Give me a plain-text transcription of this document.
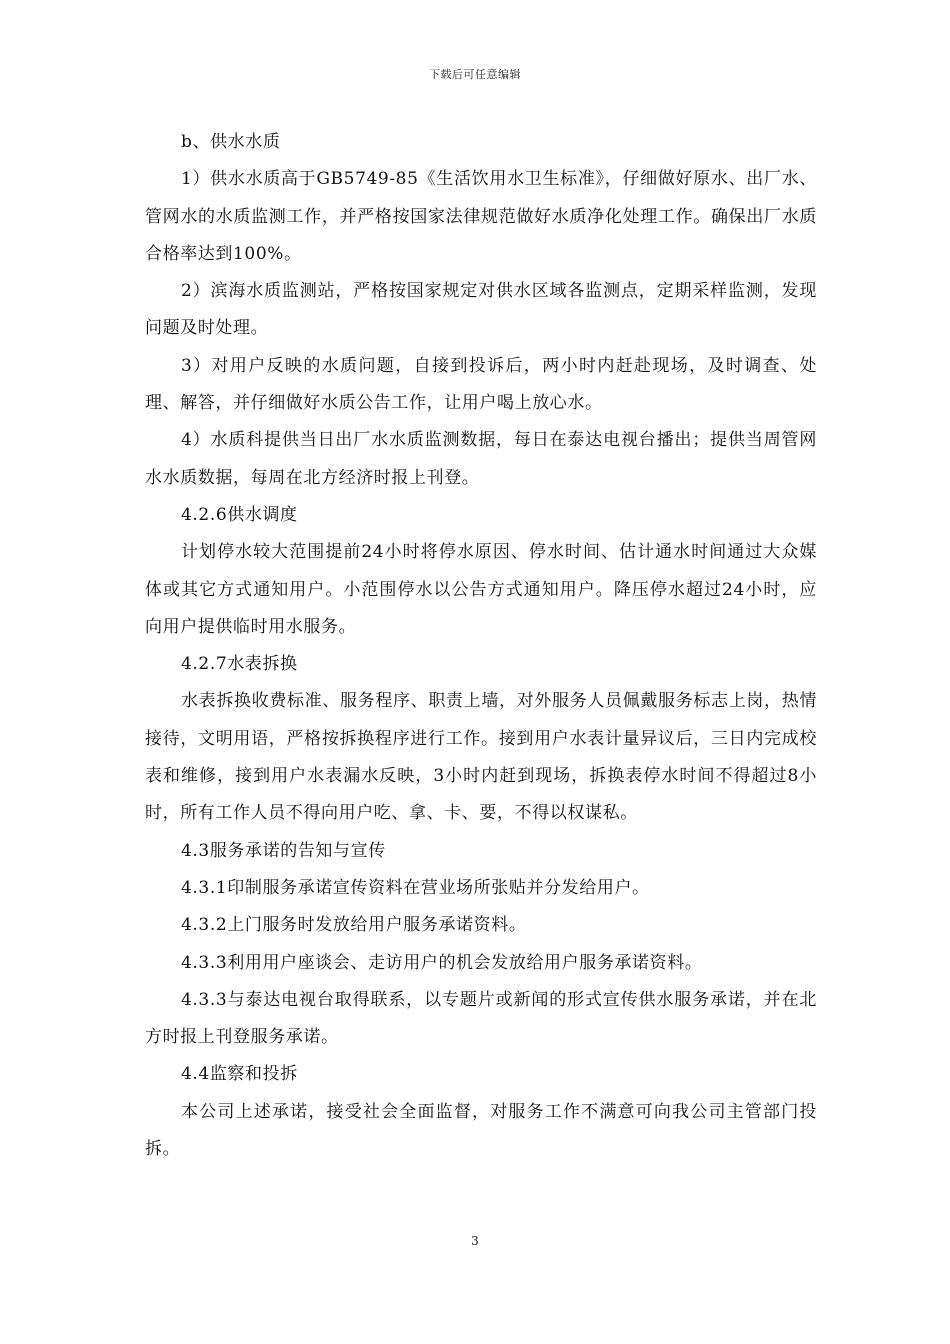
下载后可任意编辑

b、供水水质

1）供水水质高于GB5749-85《生活饮用水卫生标准》，仔细做好原水、出厂水、管网水的水质监测工作，并严格按国家法律规范做好水质净化处理工作。确保出厂水质合格率达到100%。

2）滨海水质监测站，严格按国家规定对供水区域各监测点，定期采样监测，发现问题及时处理。

3）对用户反映的水质问题，自接到投诉后，两小时内赶赴现场，及时调查、处理、解答，并仔细做好水质公告工作，让用户喝上放心水。

4）水质科提供当日出厂水水质监测数据，每日在泰达电视台播出；提供当周管网水水质数据，每周在北方经济时报上刊登。

4.2.6供水调度

计划停水较大范围提前24小时将停水原因、停水时间、估计通水时间通过大众媒体或其它方式通知用户。小范围停水以公告方式通知用户。降压停水超过24小时，应向用户提供临时用水服务。

4.2.7水表拆换

水表拆换收费标准、服务程序、职责上墙，对外服务人员佩戴服务标志上岗，热情接待，文明用语，严格按拆换程序进行工作。接到用户水表计量异议后，三日内完成校表和维修，接到用户水表漏水反映，3小时内赶到现场，拆换表停水时间不得超过8小时，所有工作人员不得向用户吃、拿、卡、要，不得以权谋私。

4.3服务承诺的告知与宣传

4.3.1印制服务承诺宣传资料在营业场所张贴并分发给用户。

4.3.2上门服务时发放给用户服务承诺资料。

4.3.3利用用户座谈会、走访用户的机会发放给用户服务承诺资料。

4.3.3与泰达电视台取得联系，以专题片或新闻的形式宣传供水服务承诺，并在北方时报上刊登服务承诺。

4.4监察和投拆

本公司上述承诺，接受社会全面监督，对服务工作不满意可向我公司主管部门投拆。

3
